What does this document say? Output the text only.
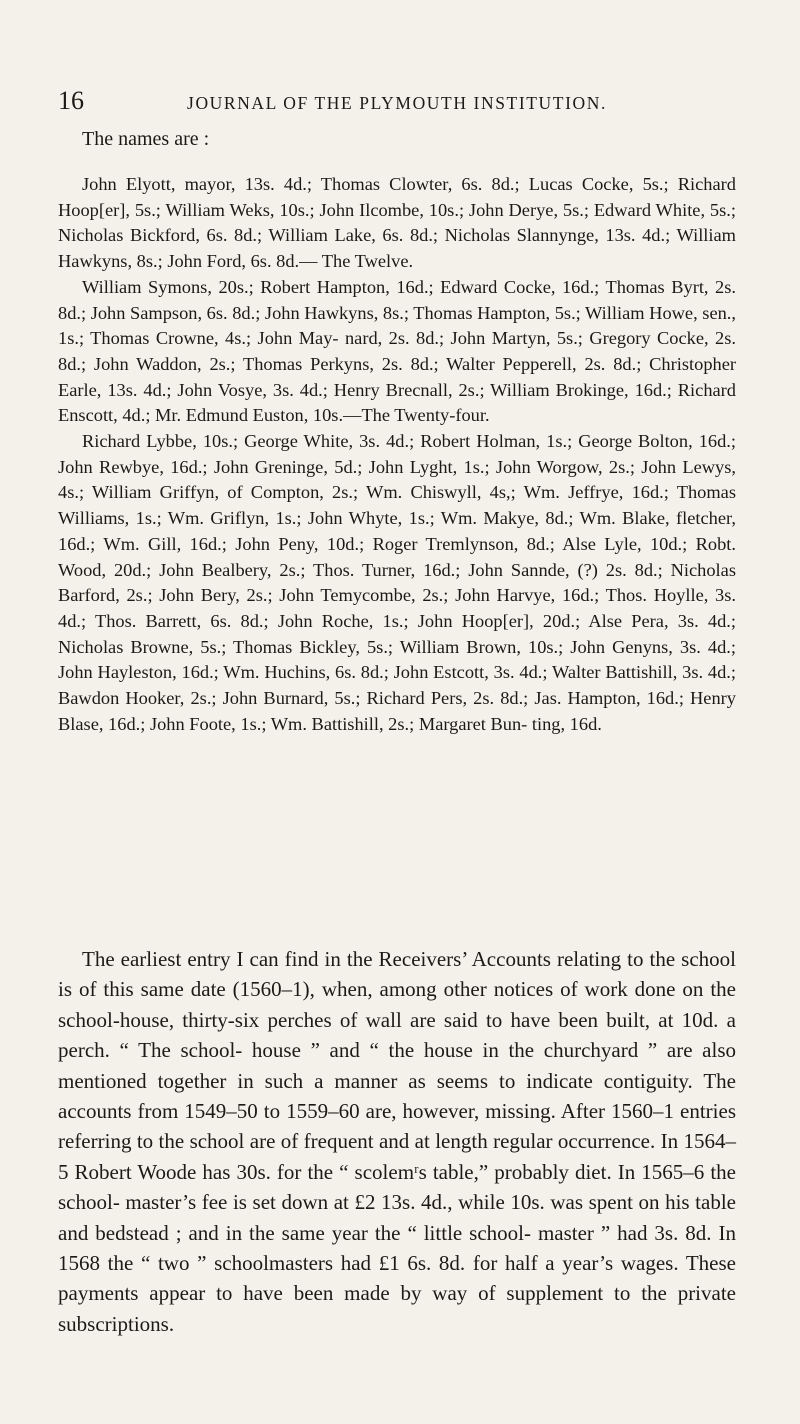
16	JOURNAL OF THE PLYMOUTH INSTITUTION.
The names are :

John Elyott, mayor, 13s. 4d.; Thomas Clowter, 6s. 8d.; Lucas Cocke, 5s.; Richard Hoop[er], 5s.; William Weks, 10s.; John Ilcombe, 10s.; John Derye, 5s.; Edward White, 5s.; Nicholas Bickford, 6s. 8d.; William Lake, 6s. 8d.; Nicholas Slannynge, 13s. 4d.; William Hawkyns, 8s.; John Ford, 6s. 8d.— The Twelve.

William Symons, 20s.; Robert Hampton, 16d.; Edward Cocke, 16d.; Thomas Byrt, 2s. 8d.; John Sampson, 6s. 8d.; John Hawkyns, 8s.; Thomas Hampton, 5s.; William Howe, sen., 1s.; Thomas Crowne, 4s.; John May- nard, 2s. 8d.; John Martyn, 5s.; Gregory Cocke, 2s. 8d.; John Waddon, 2s.; Thomas Perkyns, 2s. 8d.; Walter Pepperell, 2s. 8d.; Christopher Earle, 13s. 4d.; John Vosye, 3s. 4d.; Henry Brecnall, 2s.; William Brokinge, 16d.; Richard Enscott, 4d.; Mr. Edmund Euston, 10s.—The Twenty-four.

Richard Lybbe, 10s.; George White, 3s. 4d.; Robert Holman, 1s.; George Bolton, 16d.; John Rewbye, 16d.; John Greninge, 5d.; John Lyght, 1s.; John Worgow, 2s.; John Lewys, 4s.; William Griffyn, of Compton, 2s.; Wm. Chiswyll, 4s,; Wm. Jeffrye, 16d.; Thomas Williams, 1s.; Wm. Griflyn, 1s.; John Whyte, 1s.; Wm. Makye, 8d.; Wm. Blake, fletcher, 16d.; Wm. Gill, 16d.; John Peny, 10d.; Roger Tremlynson, 8d.; Alse Lyle, 10d.; Robt. Wood, 20d.; John Bealbery, 2s.; Thos. Turner, 16d.; John Sannde, (?) 2s. 8d.; Nicholas Barford, 2s.; John Bery, 2s.; John Temycombe, 2s.; John Harvye, 16d.; Thos. Hoylle, 3s. 4d.; Thos. Barrett, 6s. 8d.; John Roche, 1s.; John Hoop[er], 20d.; Alse Pera, 3s. 4d.; Nicholas Browne, 5s.; Thomas Bickley, 5s.; William Brown, 10s.; John Genyns, 3s. 4d.; John Hayleston, 16d.; Wm. Huchins, 6s. 8d.; John Estcott, 3s. 4d.; Walter Battishill, 3s. 4d.; Bawdon Hooker, 2s.; John Burnard, 5s.; Richard Pers, 2s. 8d.; Jas. Hampton, 16d.; Henry Blase, 16d.; John Foote, 1s.; Wm. Battishill, 2s.; Margaret Bun- ting, 16d.

The earliest entry I can find in the Receivers’ Accounts relating to the school is of this same date (1560–1), when, among other notices of work done on the school-house, thirty-six perches of wall are said to have been built, at 10d. a perch. “ The school- house ” and “ the house in the churchyard ” are also mentioned together in such a manner as seems to indicate contiguity. The accounts from 1549–50 to 1559–60 are, however, missing. After 1560–1 entries referring to the school are of frequent and at length regular occurrence. In 1564–5 Robert Woode has 30s. for the “ scolemʳs table,” probably diet. In 1565–6 the school- master’s fee is set down at £2 13s. 4d., while 10s. was spent on his table and bedstead ; and in the same year the “ little school- master ” had 3s. 8d. In 1568 the “ two ” schoolmasters had £1 6s. 8d. for half a year’s wages. These payments appear to have been made by way of supplement to the private subscriptions.
